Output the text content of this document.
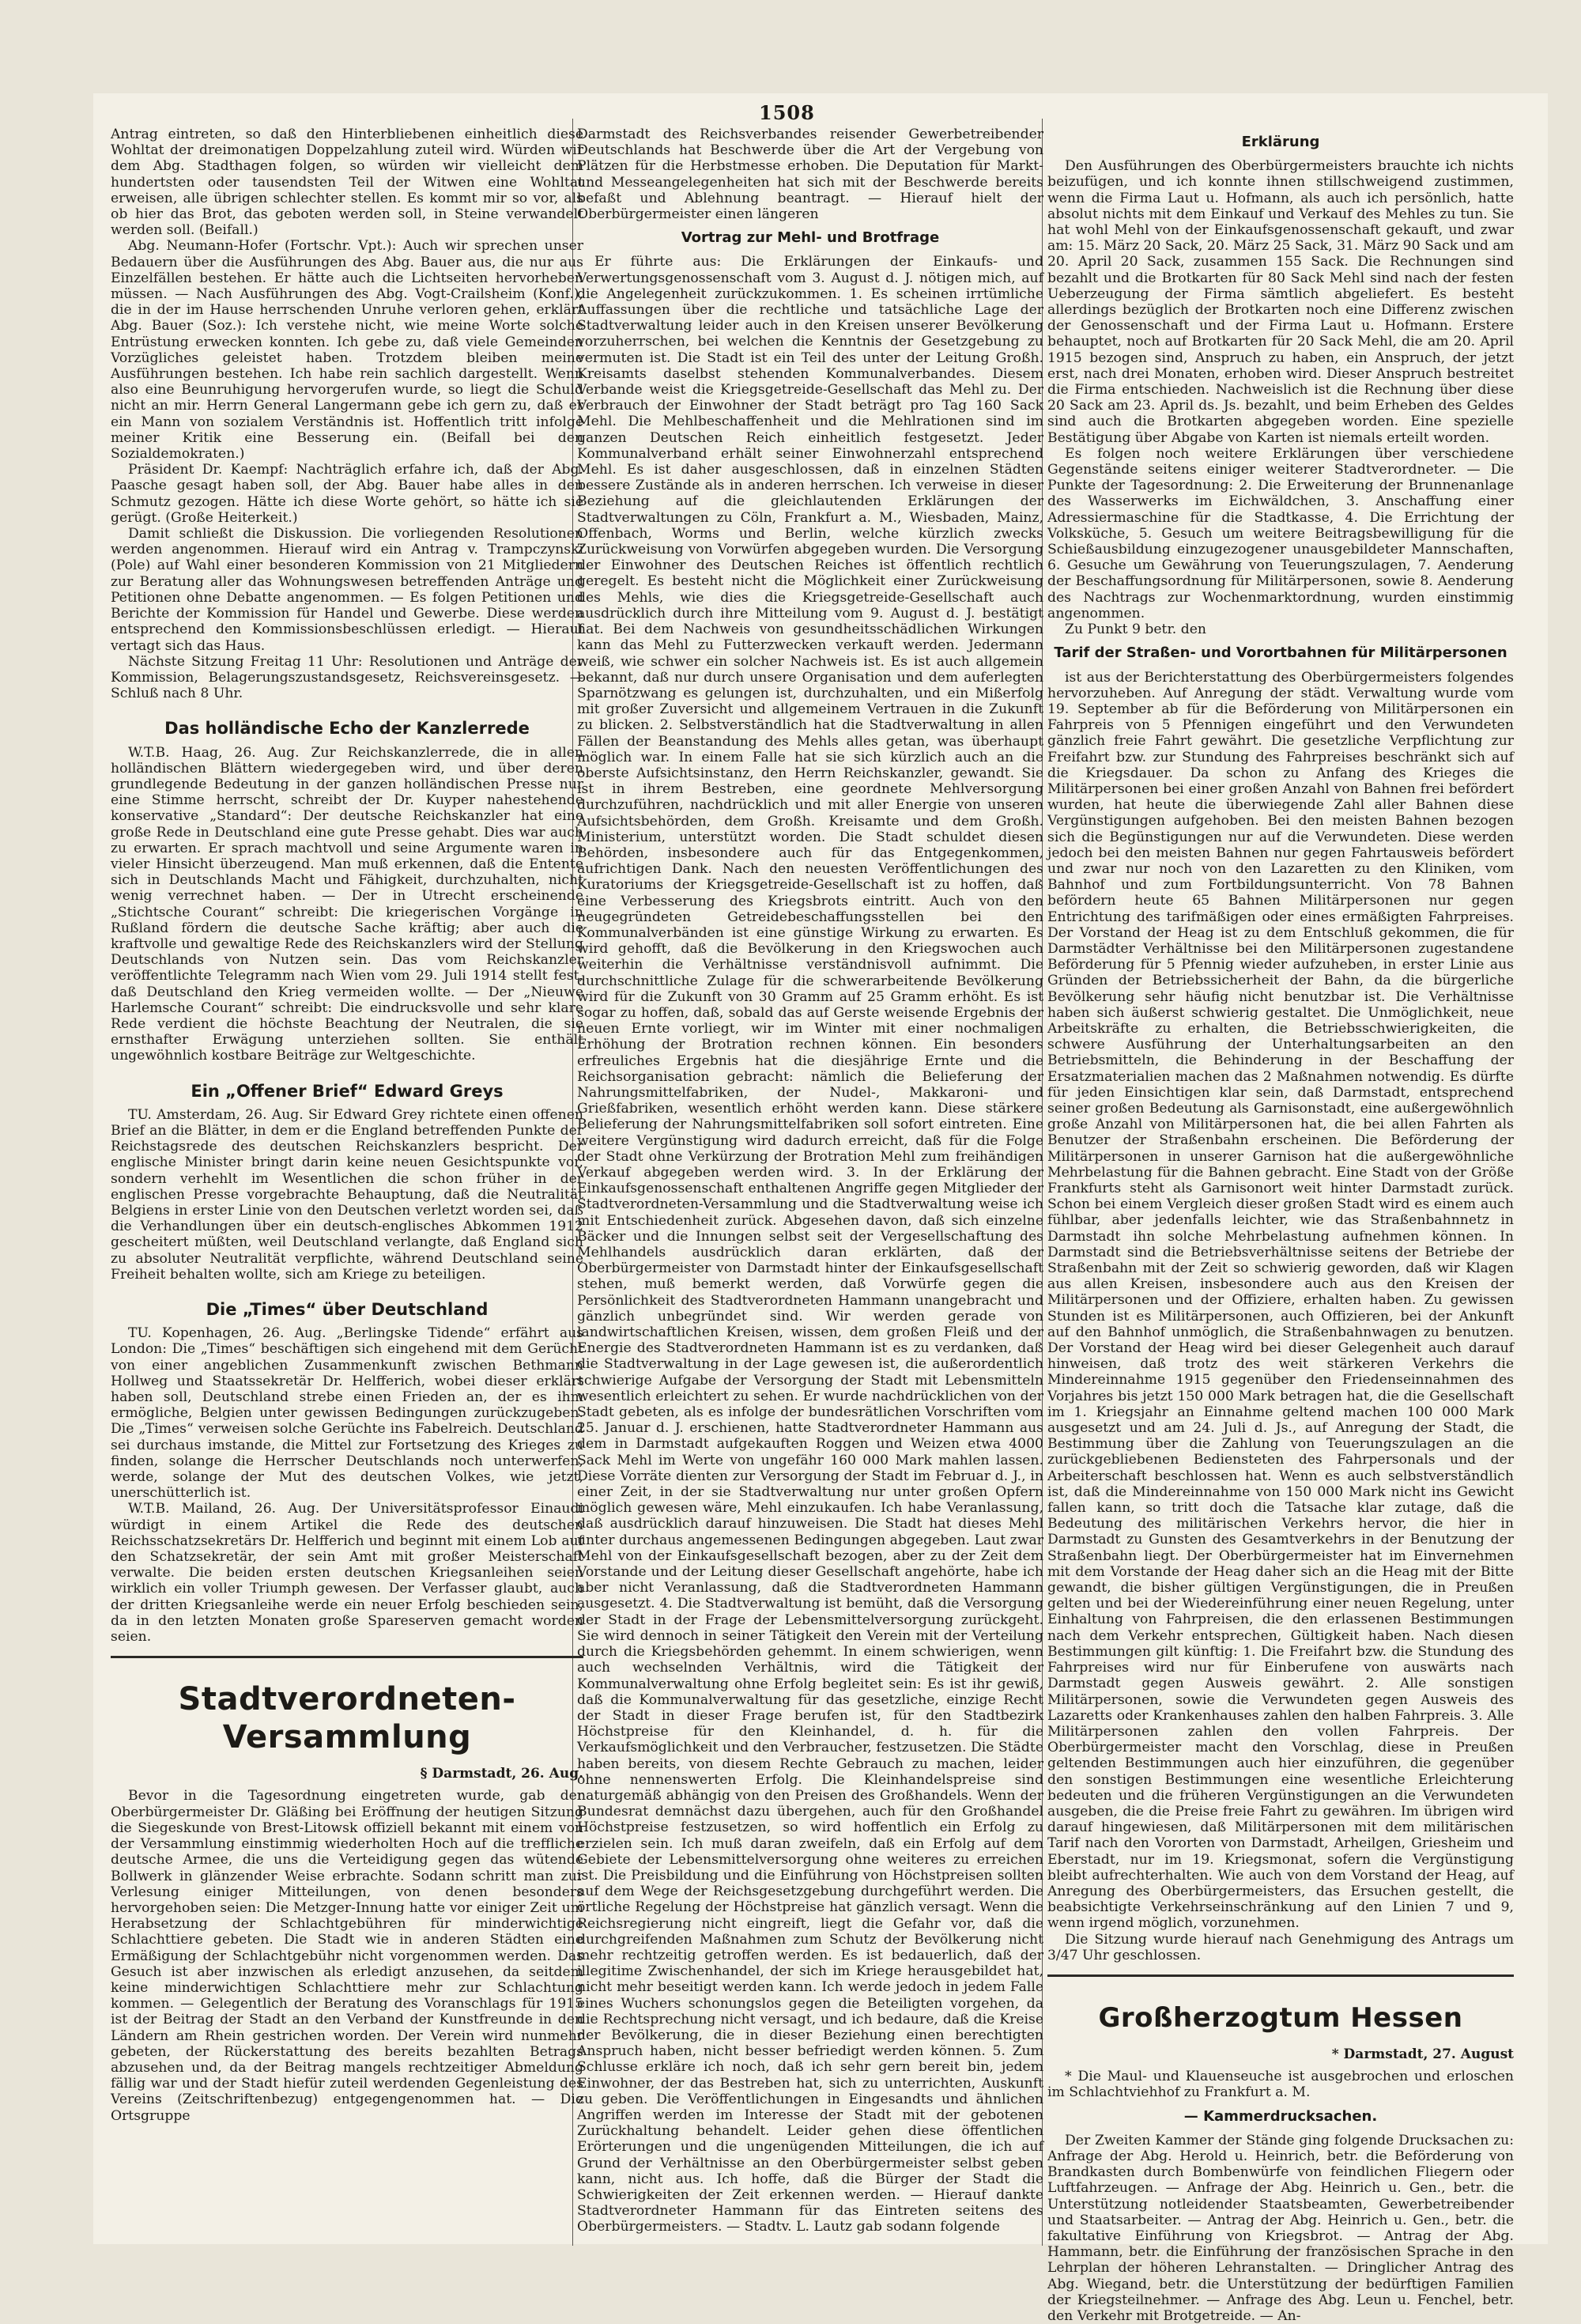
1508

Antrag eintreten, so daß den Hinterbliebenen einheitlich diese Wohltat der dreimonatigen Doppelzahlung zuteil wird. Würden wir dem Abg. Stadthagen folgen, so würden wir vielleicht dem hundertsten oder tausendsten Teil der Witwen eine Wohltat erweisen, alle übrigen schlechter stellen. Es kommt mir so vor, als ob hier das Brot, das geboten werden soll, in Steine verwandelt werden soll. (Beifall.)

Abg. Neumann-Hofer (Fortschr. Vpt.): Auch wir sprechen unser Bedauern über die Ausführungen des Abg. Bauer aus, die nur aus Einzelfällen bestehen. Er hätte auch die Lichtseiten hervorheben müssen. — Nach Ausführungen des Abg. Vogt-Crailsheim (Konf.), die in der im Hause herrschenden Unruhe verloren gehen, erklärt Abg. Bauer (Soz.): Ich verstehe nicht, wie meine Worte solche Entrüstung erwecken konnten. Ich gebe zu, daß viele Gemeinden Vorzügliches geleistet haben. Trotzdem bleiben meine Ausführungen bestehen. Ich habe rein sachlich dargestellt. Wenn also eine Beunruhigung hervorgerufen wurde, so liegt die Schuld nicht an mir. Herrn General Langermann gebe ich gern zu, daß er ein Mann von sozialem Verständnis ist. Hoffentlich tritt infolge meiner Kritik eine Besserung ein. (Beifall bei den Sozialdemokraten.)

Präsident Dr. Kaempf: Nachträglich erfahre ich, daß der Abg. Paasche gesagt haben soll, der Abg. Bauer habe alles in den Schmutz gezogen. Hätte ich diese Worte gehört, so hätte ich sie gerügt. (Große Heiterkeit.)

Damit schließt die Diskussion. Die vorliegenden Resolutionen werden angenommen. Hierauf wird ein Antrag v. Trampczynski (Pole) auf Wahl einer besonderen Kommission von 21 Mitgliedern zur Beratung aller das Wohnungswesen betreffenden Anträge und Petitionen ohne Debatte angenommen. — Es folgen Petitionen und Berichte der Kommission für Handel und Gewerbe. Diese werden entsprechend den Kommissionsbeschlüssen erledigt. — Hierauf vertagt sich das Haus.

Nächste Sitzung Freitag 11 Uhr: Resolutionen und Anträge der Kommission, Belagerungszustandsgesetz, Reichsvereinsgesetz. — Schluß nach 8 Uhr.

Das holländische Echo der Kanzlerrede

W.T.B. Haag, 26. Aug. Zur Reichskanzlerrede, die in allen holländischen Blättern wiedergegeben wird, und über deren grundlegende Bedeutung in der ganzen holländischen Presse nur eine Stimme herrscht, schreibt der Dr. Kuyper nahestehende konservative „Standard“: Der deutsche Reichskanzler hat eine große Rede in Deutschland eine gute Presse gehabt. Dies war auch zu erwarten. Er sprach machtvoll und seine Argumente waren in vieler Hinsicht überzeugend. Man muß erkennen, daß die Entente sich in Deutschlands Macht und Fähigkeit, durchzuhalten, nicht wenig verrechnet haben. — Der in Utrecht erscheinende „Stichtsche Courant“ schreibt: Die kriegerischen Vorgänge in Rußland fördern die deutsche Sache kräftig; aber auch die kraftvolle und gewaltige Rede des Reichskanzlers wird der Stellung Deutschlands von Nutzen sein. Das vom Reichskanzler veröffentlichte Telegramm nach Wien vom 29. Juli 1914 stellt fest, daß Deutschland den Krieg vermeiden wollte. — Der „Nieuwe Harlemsche Courant“ schreibt: Die eindrucksvolle und sehr klare Rede verdient die höchste Beachtung der Neutralen, die sie ernsthafter Erwägung unterziehen sollten. Sie enthält ungewöhnlich kostbare Beiträge zur Weltgeschichte.

Ein „Offener Brief“ Edward Greys

TU. Amsterdam, 26. Aug. Sir Edward Grey richtete einen offenen Brief an die Blätter, in dem er die England betreffenden Punkte der Reichstagsrede des deutschen Reichskanzlers bespricht. Der englische Minister bringt darin keine neuen Gesichtspunkte vor, sondern verhehlt im Wesentlichen die schon früher in der englischen Presse vorgebrachte Behauptung, daß die Neutralität Belgiens in erster Linie von den Deutschen verletzt worden sei, daß die Verhandlungen über ein deutsch-englisches Abkommen 1912 gescheitert müßten, weil Deutschland verlangte, daß England sich zu absoluter Neutralität verpflichte, während Deutschland seine Freiheit behalten wollte, sich am Kriege zu beteiligen.

Die „Times“ über Deutschland

TU. Kopenhagen, 26. Aug. „Berlingske Tidende“ erfährt aus London: Die „Times“ beschäftigen sich eingehend mit dem Gerücht von einer angeblichen Zusammenkunft zwischen Bethmann Hollweg und Staatssekretär Dr. Helfferich, wobei dieser erklärt haben soll, Deutschland strebe einen Frieden an, der es ihm ermögliche, Belgien unter gewissen Bedingungen zurückzugeben. Die „Times“ verweisen solche Gerüchte ins Fabelreich. Deutschland sei durchaus imstande, die Mittel zur Fortsetzung des Krieges zu finden, solange die Herrscher Deutschlands noch unterwerfen, werde, solange der Mut des deutschen Volkes, wie jetzt, unerschütterlich ist.

W.T.B. Mailand, 26. Aug. Der Universitätsprofessor Einaudi würdigt in einem Artikel die Rede des deutschen Reichsschatzsekretärs Dr. Helfferich und beginnt mit einem Lob auf den Schatzsekretär, der sein Amt mit großer Meisterschaft verwalte. Die beiden ersten deutschen Kriegsanleihen seien wirklich ein voller Triumph gewesen. Der Verfasser glaubt, auch der dritten Kriegsanleihe werde ein neuer Erfolg beschieden sein, da in den letzten Monaten große Spareserven gemacht worden seien.

Stadtverordneten-Versammlung
§ Darmstadt, 26. Aug.

Bevor in die Tagesordnung eingetreten wurde, gab der Oberbürgermeister Dr. Gläßing bei Eröffnung der heutigen Sitzung die Siegeskunde von Brest-Litowsk offiziell bekannt mit einem von der Versammlung einstimmig wiederholten Hoch auf die treffliche deutsche Armee, die uns die Verteidigung gegen das wütende Bollwerk in glänzender Weise erbrachte. Sodann schritt man zur Verlesung einiger Mitteilungen, von denen besonders hervorgehoben seien: Die Metzger-Innung hatte vor einiger Zeit um Herabsetzung der Schlachtgebühren für minderwichtige Schlachttiere gebeten. Die Stadt wie in anderen Städten eine Ermäßigung der Schlachtgebühr nicht vorgenommen werden. Das Gesuch ist aber inzwischen als erledigt anzusehen, da seitdem keine minderwichtigen Schlachttiere mehr zur Schlachtung kommen. — Gelegentlich der Beratung des Voranschlags für 1915 ist der Beitrag der Stadt an den Verband der Kunstfreunde in den Ländern am Rhein gestrichen worden. Der Verein wird nunmehr gebeten, der Rückerstattung des bereits bezahlten Betrags abzusehen und, da der Beitrag mangels rechtzeitiger Abmeldung fällig war und der Stadt hiefür zuteil werdenden Gegenleistung des Vereins (Zeitschriftenbezug) entgegengenommen hat. — Die Ortsgruppe

Darmstadt des Reichsverbandes reisender Gewerbetreibender Deutschlands hat Beschwerde über die Art der Vergebung von Plätzen für die Herbstmesse erhoben. Die Deputation für Markt- und Messeangelegenheiten hat sich mit der Beschwerde bereits befaßt und Ablehnung beantragt. — Hierauf hielt der Oberbürgermeister einen längeren

Vortrag zur Mehl- und Brotfrage

Er führte aus: Die Erklärungen der Einkaufs- und Verwertungsgenossenschaft vom 3. August d. J. nötigen mich, auf die Angelegenheit zurückzukommen. 1. Es scheinen irrtümliche Auffassungen über die rechtliche und tatsächliche Lage der Stadtverwaltung leider auch in den Kreisen unserer Bevölkerung vorzuherrschen, bei welchen die Kenntnis der Gesetzgebung zu vermuten ist. Die Stadt ist ein Teil des unter der Leitung Großh. Kreisamts daselbst stehenden Kommunalverbandes. Diesem Verbande weist die Kriegsgetreide-Gesellschaft das Mehl zu. Der Verbrauch der Einwohner der Stadt beträgt pro Tag 160 Sack Mehl. Die Mehlbeschaffenheit und die Mehlrationen sind im ganzen Deutschen Reich einheitlich festgesetzt. Jeder Kommunalverband erhält seiner Einwohnerzahl entsprechend Mehl. Es ist daher ausgeschlossen, daß in einzelnen Städten bessere Zustände als in anderen herrschen. Ich verweise in dieser Beziehung auf die gleichlautenden Erklärungen der Stadtverwaltungen zu Cöln, Frankfurt a. M., Wiesbaden, Mainz, Offenbach, Worms und Berlin, welche kürzlich zwecks Zurückweisung von Vorwürfen abgegeben wurden. Die Versorgung der Einwohner des Deutschen Reiches ist öffentlich rechtlich geregelt. Es besteht nicht die Möglichkeit einer Zurückweisung des Mehls, wie dies die Kriegsgetreide-Gesellschaft auch ausdrücklich durch ihre Mitteilung vom 9. August d. J. bestätigt hat. Bei dem Nachweis von gesundheitsschädlichen Wirkungen kann das Mehl zu Futterzwecken verkauft werden. Jedermann weiß, wie schwer ein solcher Nachweis ist. Es ist auch allgemein bekannt, daß nur durch unsere Organisation und dem auferlegten Sparnötzwang es gelungen ist, durchzuhalten, und ein Mißerfolg mit großer Zuversicht und allgemeinem Vertrauen in die Zukunft zu blicken. 2. Selbstverständlich hat die Stadtverwaltung in allen Fällen der Beanstandung des Mehls alles getan, was überhaupt möglich war. In einem Falle hat sie sich kürzlich auch an die oberste Aufsichtsinstanz, den Herrn Reichskanzler, gewandt. Sie ist in ihrem Bestreben, eine geordnete Mehlversorgung durchzuführen, nachdrücklich und mit aller Energie von unseren Aufsichtsbehörden, dem Großh. Kreisamte und dem Großh. Ministerium, unterstützt worden. Die Stadt schuldet diesen Behörden, insbesondere auch für das Entgegenkommen, aufrichtigen Dank. Nach den neuesten Veröffentlichungen des Kuratoriums der Kriegsgetreide-Gesellschaft ist zu hoffen, daß eine Verbesserung des Kriegsbrots eintritt. Auch von den neugegründeten Getreidebeschaffungsstellen bei den Kommunalverbänden ist eine günstige Wirkung zu erwarten. Es wird gehofft, daß die Bevölkerung in den Kriegswochen auch weiterhin die Verhältnisse verständnisvoll aufnimmt. Die durchschnittliche Zulage für die schwerarbeitende Bevölkerung wird für die Zukunft von 30 Gramm auf 25 Gramm erhöht. Es ist sogar zu hoffen, daß, sobald das auf Gerste weisende Ergebnis der neuen Ernte vorliegt, wir im Winter mit einer nochmaligen Erhöhung der Brotration rechnen können. Ein besonders erfreuliches Ergebnis hat die diesjährige Ernte und die Reichsorganisation gebracht: nämlich die Belieferung der Nahrungsmittelfabriken, der Nudel-, Makkaroni- und Grießfabriken, wesentlich erhöht werden kann. Diese stärkere Belieferung der Nahrungsmittelfabriken soll sofort eintreten. Eine weitere Vergünstigung wird dadurch erreicht, daß für die Folge der Stadt ohne Verkürzung der Brotration Mehl zum freihändigen Verkauf abgegeben werden wird. 3. In der Erklärung der Einkaufsgenossenschaft enthaltenen Angriffe gegen Mitglieder der Stadtverordneten-Versammlung und die Stadtverwaltung weise ich mit Entschiedenheit zurück. Abgesehen davon, daß sich einzelne Bäcker und die Innungen selbst seit der Vergesellschaftung des Mehlhandels ausdrücklich daran erklärten, daß der Oberbürgermeister von Darmstadt hinter der Einkaufsgesellschaft stehen, muß bemerkt werden, daß Vorwürfe gegen die Persönlichkeit des Stadtverordneten Hammann unangebracht und gänzlich unbegründet sind. Wir werden gerade von landwirtschaftlichen Kreisen, wissen, dem großen Fleiß und der Energie des Stadtverordneten Hammann ist es zu verdanken, daß die Stadtverwaltung in der Lage gewesen ist, die außerordentlich schwierige Aufgabe der Versorgung der Stadt mit Lebensmitteln wesentlich erleichtert zu sehen. Er wurde nachdrücklichen von der Stadt gebeten, als es infolge der bundesrätlichen Vorschriften vom 25. Januar d. J. erschienen, hatte Stadtverordneter Hammann aus dem in Darmstadt aufgekauften Roggen und Weizen etwa 4000 Sack Mehl im Werte von ungefähr 160 000 Mark mahlen lassen. Diese Vorräte dienten zur Versorgung der Stadt im Februar d. J., in einer Zeit, in der sie Stadtverwaltung nur unter großen Opfern möglich gewesen wäre, Mehl einzukaufen. Ich habe Veranlassung, daß ausdrücklich darauf hinzuweisen. Die Stadt hat dieses Mehl unter durchaus angemessenen Bedingungen abgegeben. Laut zwar Mehl von der Einkaufsgesellschaft bezogen, aber zu der Zeit dem Vorstande und der Leitung dieser Gesellschaft angehörte, habe ich aber nicht Veranlassung, daß die Stadtverordneten Hammann ausgesetzt. 4. Die Stadtverwaltung ist bemüht, daß die Versorgung der Stadt in der Frage der Lebensmittelversorgung zurückgeht. Sie wird dennoch in seiner Tätigkeit den Verein mit der Verteilung durch die Kriegsbehörden gehemmt. In einem schwierigen, wenn auch wechselnden Verhältnis, wird die Tätigkeit der Kommunalverwaltung ohne Erfolg begleitet sein: Es ist ihr gewiß, daß die Kommunalverwaltung für das gesetzliche, einzige Recht der Stadt in dieser Frage berufen ist, für den Stadtbezirk Höchstpreise für den Kleinhandel, d. h. für die Verkaufsmöglichkeit und den Verbraucher, festzusetzen. Die Städte haben bereits, von diesem Rechte Gebrauch zu machen, leider ohne nennenswerten Erfolg. Die Kleinhandelspreise sind naturgemäß abhängig von den Preisen des Großhandels. Wenn der Bundesrat demnächst dazu übergehen, auch für den Großhandel Höchstpreise festzusetzen, so wird hoffentlich ein Erfolg zu erzielen sein. Ich muß daran zweifeln, daß ein Erfolg auf dem Gebiete der Lebensmittelversorgung ohne weiteres zu erreichen ist. Die Preisbildung und die Einführung von Höchstpreisen sollten auf dem Wege der Reichsgesetzgebung durchgeführt werden. Die örtliche Regelung der Höchstpreise hat gänzlich versagt. Wenn die Reichsregierung nicht eingreift, liegt die Gefahr vor, daß die durchgreifenden Maßnahmen zum Schutz der Bevölkerung nicht mehr rechtzeitig getroffen werden. Es ist bedauerlich, daß der illegitime Zwischenhandel, der sich im Kriege herausgebildet hat, nicht mehr beseitigt werden kann. Ich werde jedoch in jedem Falle eines Wuchers schonungslos gegen die Beteiligten vorgehen, da die Rechtsprechung nicht versagt, und ich bedaure, daß die Kreise der Bevölkerung, die in dieser Beziehung einen berechtigten Anspruch haben, nicht besser befriedigt werden können. 5. Zum Schlusse erkläre ich noch, daß ich sehr gern bereit bin, jedem Einwohner, der das Bestreben hat, sich zu unterrichten, Auskunft zu geben. Die Veröffentlichungen in Eingesandts und ähnlichen Angriffen werden im Interesse der Stadt mit der gebotenen Zurückhaltung behandelt. Leider gehen diese öffentlichen Erörterungen und die ungenügenden Mitteilungen, die ich auf Grund der Verhältnisse an den Oberbürgermeister selbst geben kann, nicht aus. Ich hoffe, daß die Bürger der Stadt die Schwierigkeiten der Zeit erkennen werden. — Hierauf dankte Stadtverordneter Hammann für das Eintreten seitens des Oberbürgermeisters. — Stadtv. L. Lautz gab sodann folgende

Erklärung

Den Ausführungen des Oberbürgermeisters brauchte ich nichts beizufügen, und ich konnte ihnen stillschweigend zustimmen, wenn die Firma Laut u. Hofmann, als auch ich persönlich, hatte absolut nichts mit dem Einkauf und Verkauf des Mehles zu tun. Sie hat wohl Mehl von der Einkaufsgenossenschaft gekauft, und zwar am: 15. März 20 Sack, 20. März 25 Sack, 31. März 90 Sack und am 20. April 20 Sack, zusammen 155 Sack. Die Rechnungen sind bezahlt und die Brotkarten für 80 Sack Mehl sind nach der festen Ueberzeugung der Firma sämtlich abgeliefert. Es besteht allerdings bezüglich der Brotkarten noch eine Differenz zwischen der Genossenschaft und der Firma Laut u. Hofmann. Erstere behauptet, noch auf Brotkarten für 20 Sack Mehl, die am 20. April 1915 bezogen sind, Anspruch zu haben, ein Anspruch, der jetzt erst, nach drei Monaten, erhoben wird. Dieser Anspruch bestreitet die Firma entschieden. Nachweislich ist die Rechnung über diese 20 Sack am 23. April ds. Js. bezahlt, und beim Erheben des Geldes sind auch die Brotkarten abgegeben worden. Eine spezielle Bestätigung über Abgabe von Karten ist niemals erteilt worden.

Es folgen noch weitere Erklärungen über verschiedene Gegenstände seitens einiger weiterer Stadtverordneter. — Die Punkte der Tagesordnung: 2. Die Erweiterung der Brunnenanlage des Wasserwerks im Eichwäldchen, 3. Anschaffung einer Adressiermaschine für die Stadtkasse, 4. Die Errichtung der Volksküche, 5. Gesuch um weitere Beitragsbewilligung für die Schießausbildung einzugezogener unausgebildeter Mannschaften, 6. Gesuche um Gewährung von Teuerungszulagen, 7. Aenderung der Beschaffungsordnung für Militärpersonen, sowie 8. Aenderung des Nachtrags zur Wochenmarktordnung, wurden einstimmig angenommen.

Zu Punkt 9 betr. den

Tarif der Straßen- und Vorortbahnen für Militärpersonen

ist aus der Berichterstattung des Oberbürgermeisters folgendes hervorzuheben. Auf Anregung der städt. Verwaltung wurde vom 19. September ab für die Beförderung von Militärpersonen ein Fahrpreis von 5 Pfennigen eingeführt und den Verwundeten gänzlich freie Fahrt gewährt. Die gesetzliche Verpflichtung zur Freifahrt bzw. zur Stundung des Fahrpreises beschränkt sich auf die Kriegsdauer. Da schon zu Anfang des Krieges die Militärpersonen bei einer großen Anzahl von Bahnen frei befördert wurden, hat heute die überwiegende Zahl aller Bahnen diese Vergünstigungen aufgehoben. Bei den meisten Bahnen bezogen sich die Begünstigungen nur auf die Verwundeten. Diese werden jedoch bei den meisten Bahnen nur gegen Fahrtausweis befördert und zwar nur noch von den Lazaretten zu den Kliniken, vom Bahnhof und zum Fortbildungsunterricht. Von 78 Bahnen befördern heute 65 Bahnen Militärpersonen nur gegen Entrichtung des tarifmäßigen oder eines ermäßigten Fahrpreises. Der Vorstand der Heag ist zu dem Entschluß gekommen, die für Darmstädter Verhältnisse bei den Militärpersonen zugestandene Beförderung für 5 Pfennig wieder aufzuheben, in erster Linie aus Gründen der Betriebssicherheit der Bahn, da die bürgerliche Bevölkerung sehr häufig nicht benutzbar ist. Die Verhältnisse haben sich äußerst schwierig gestaltet. Die Unmöglichkeit, neue Arbeitskräfte zu erhalten, die Betriebsschwierigkeiten, die schwere Ausführung der Unterhaltungsarbeiten an den Betriebsmitteln, die Behinderung in der Beschaffung der Ersatzmaterialien machen das 2 Maßnahmen notwendig. Es dürfte für jeden Einsichtigen klar sein, daß Darmstadt, entsprechend seiner großen Bedeutung als Garnisonstadt, eine außergewöhnlich große Anzahl von Militärpersonen hat, die bei allen Fahrten als Benutzer der Straßenbahn erscheinen. Die Beförderung der Militärpersonen in unserer Garnison hat die außergewöhnliche Mehrbelastung für die Bahnen gebracht. Eine Stadt von der Größe Frankfurts steht als Garnisonort weit hinter Darmstadt zurück. Schon bei einem Vergleich dieser großen Stadt wird es einem auch fühlbar, aber jedenfalls leichter, wie das Straßenbahnnetz in Darmstadt ihn solche Mehrbelastung aufnehmen können. In Darmstadt sind die Betriebsverhältnisse seitens der Betriebe der Straßenbahn mit der Zeit so schwierig geworden, daß wir Klagen aus allen Kreisen, insbesondere auch aus den Kreisen der Militärpersonen und der Offiziere, erhalten haben. Zu gewissen Stunden ist es Militärpersonen, auch Offizieren, bei der Ankunft auf den Bahnhof unmöglich, die Straßenbahnwagen zu benutzen. Der Vorstand der Heag wird bei dieser Gelegenheit auch darauf hinweisen, daß trotz des weit stärkeren Verkehrs die Mindereinnahme 1915 gegenüber den Friedenseinnahmen des Vorjahres bis jetzt 150 000 Mark betragen hat, die die Gesellschaft im 1. Kriegsjahr an Einnahme geltend machen 100 000 Mark ausgesetzt und am 24. Juli d. Js., auf Anregung der Stadt, die Bestimmung über die Zahlung von Teuerungszulagen an die zurückgebliebenen Bediensteten des Fahrpersonals und der Arbeiterschaft beschlossen hat. Wenn es auch selbstverständlich ist, daß die Mindereinnahme von 150 000 Mark nicht ins Gewicht fallen kann, so tritt doch die Tatsache klar zutage, daß die Bedeutung des militärischen Verkehrs hervor, die hier in Darmstadt zu Gunsten des Gesamtverkehrs in der Benutzung der Straßenbahn liegt. Der Oberbürgermeister hat im Einvernehmen mit dem Vorstande der Heag daher sich an die Heag mit der Bitte gewandt, die bisher gültigen Vergünstigungen, die in Preußen gelten und bei der Wiedereinführung einer neuen Regelung, unter Einhaltung von Fahrpreisen, die den erlassenen Bestimmungen nach dem Verkehr entsprechen, Gültigkeit haben. Nach diesen Bestimmungen gilt künftig: 1. Die Freifahrt bzw. die Stundung des Fahrpreises wird nur für Einberufene von auswärts nach Darmstadt gegen Ausweis gewährt. 2. Alle sonstigen Militärpersonen, sowie die Verwundeten gegen Ausweis des Lazaretts oder Krankenhauses zahlen den halben Fahrpreis. 3. Alle Militärpersonen zahlen den vollen Fahrpreis. Der Oberbürgermeister macht den Vorschlag, diese in Preußen geltenden Bestimmungen auch hier einzuführen, die gegenüber den sonstigen Bestimmungen eine wesentliche Erleichterung bedeuten und die früheren Vergünstigungen an die Verwundeten ausgeben, die die Preise freie Fahrt zu gewähren. Im übrigen wird darauf hingewiesen, daß Militärpersonen mit dem militärischen Tarif nach den Vororten von Darmstadt, Arheilgen, Griesheim und Eberstadt, nur im 19. Kriegsmonat, sofern die Vergünstigung bleibt aufrechterhalten. Wie auch von dem Vorstand der Heag, auf Anregung des Oberbürgermeisters, das Ersuchen gestellt, die beabsichtigte Verkehrseinschränkung auf den Linien 7 und 9, wenn irgend möglich, vorzunehmen.

Die Sitzung wurde hierauf nach Genehmigung des Antrags um 3/47 Uhr geschlossen.

Großherzogtum Hessen
* Darmstadt, 27. August

* Die Maul- und Klauenseuche ist ausgebrochen und erloschen im Schlachtviehhof zu Frankfurt a. M.

— Kammerdrucksachen.

Der Zweiten Kammer der Stände ging folgende Drucksachen zu: Anfrage der Abg. Herold u. Heinrich, betr. die Beförderung von Brandkasten durch Bombenwürfe von feindlichen Fliegern oder Luftfahrzeugen. — Anfrage der Abg. Heinrich u. Gen., betr. die Unterstützung notleidender Staatsbeamten, Gewerbetreibender und Staatsarbeiter. — Antrag der Abg. Heinrich u. Gen., betr. die fakultative Einführung von Kriegsbrot. — Antrag der Abg. Hammann, betr. die Einführung der französischen Sprache in den Lehrplan der höheren Lehranstalten. — Dringlicher Antrag des Abg. Wiegand, betr. die Unterstützung der bedürftigen Familien der Kriegsteilnehmer. — Anfrage des Abg. Leun u. Fenchel, betr. den Verkehr mit Brotgetreide. — An-
